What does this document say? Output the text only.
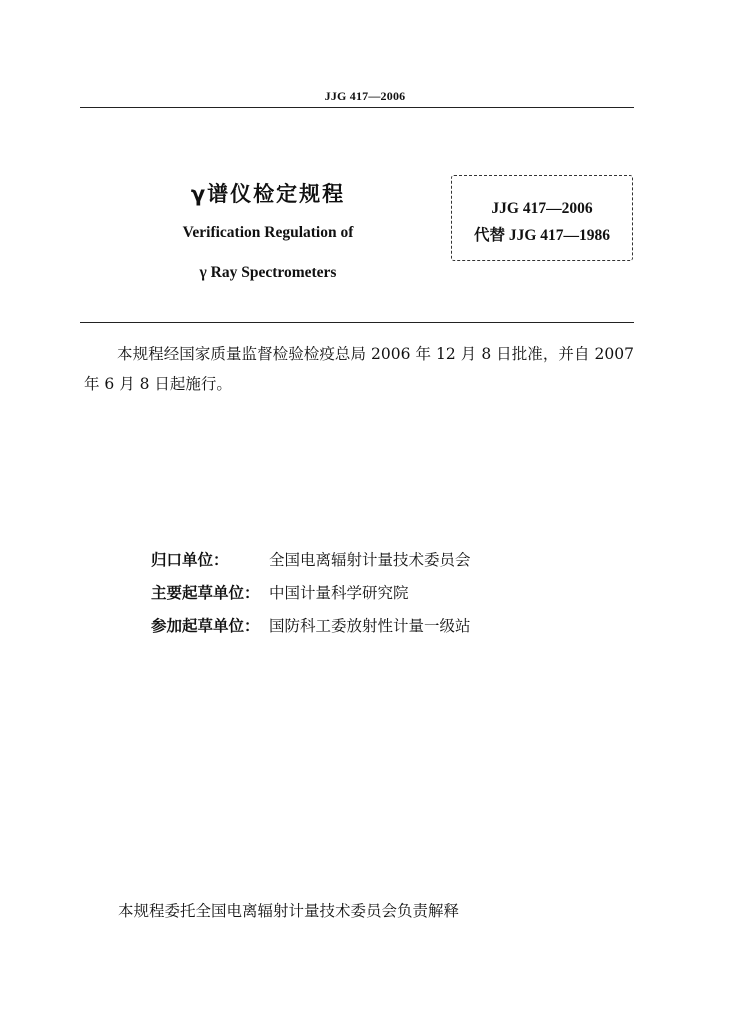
JJG 417—2006
γ谱仪检定规程
Verification Regulation of
γ Ray Spectrometers
JJG 417—2006
代替 JJG 417—1986
本规程经国家质量监督检验检疫总局 2006 年 12 月 8 日批准，并自 2007 年 6 月 8 日起施行。
归口单位：	全国电离辐射计量技术委员会
主要起草单位： 中国计量科学研究院
参加起草单位： 国防科工委放射性计量一级站
本规程委托全国电离辐射计量技术委员会负责解释
